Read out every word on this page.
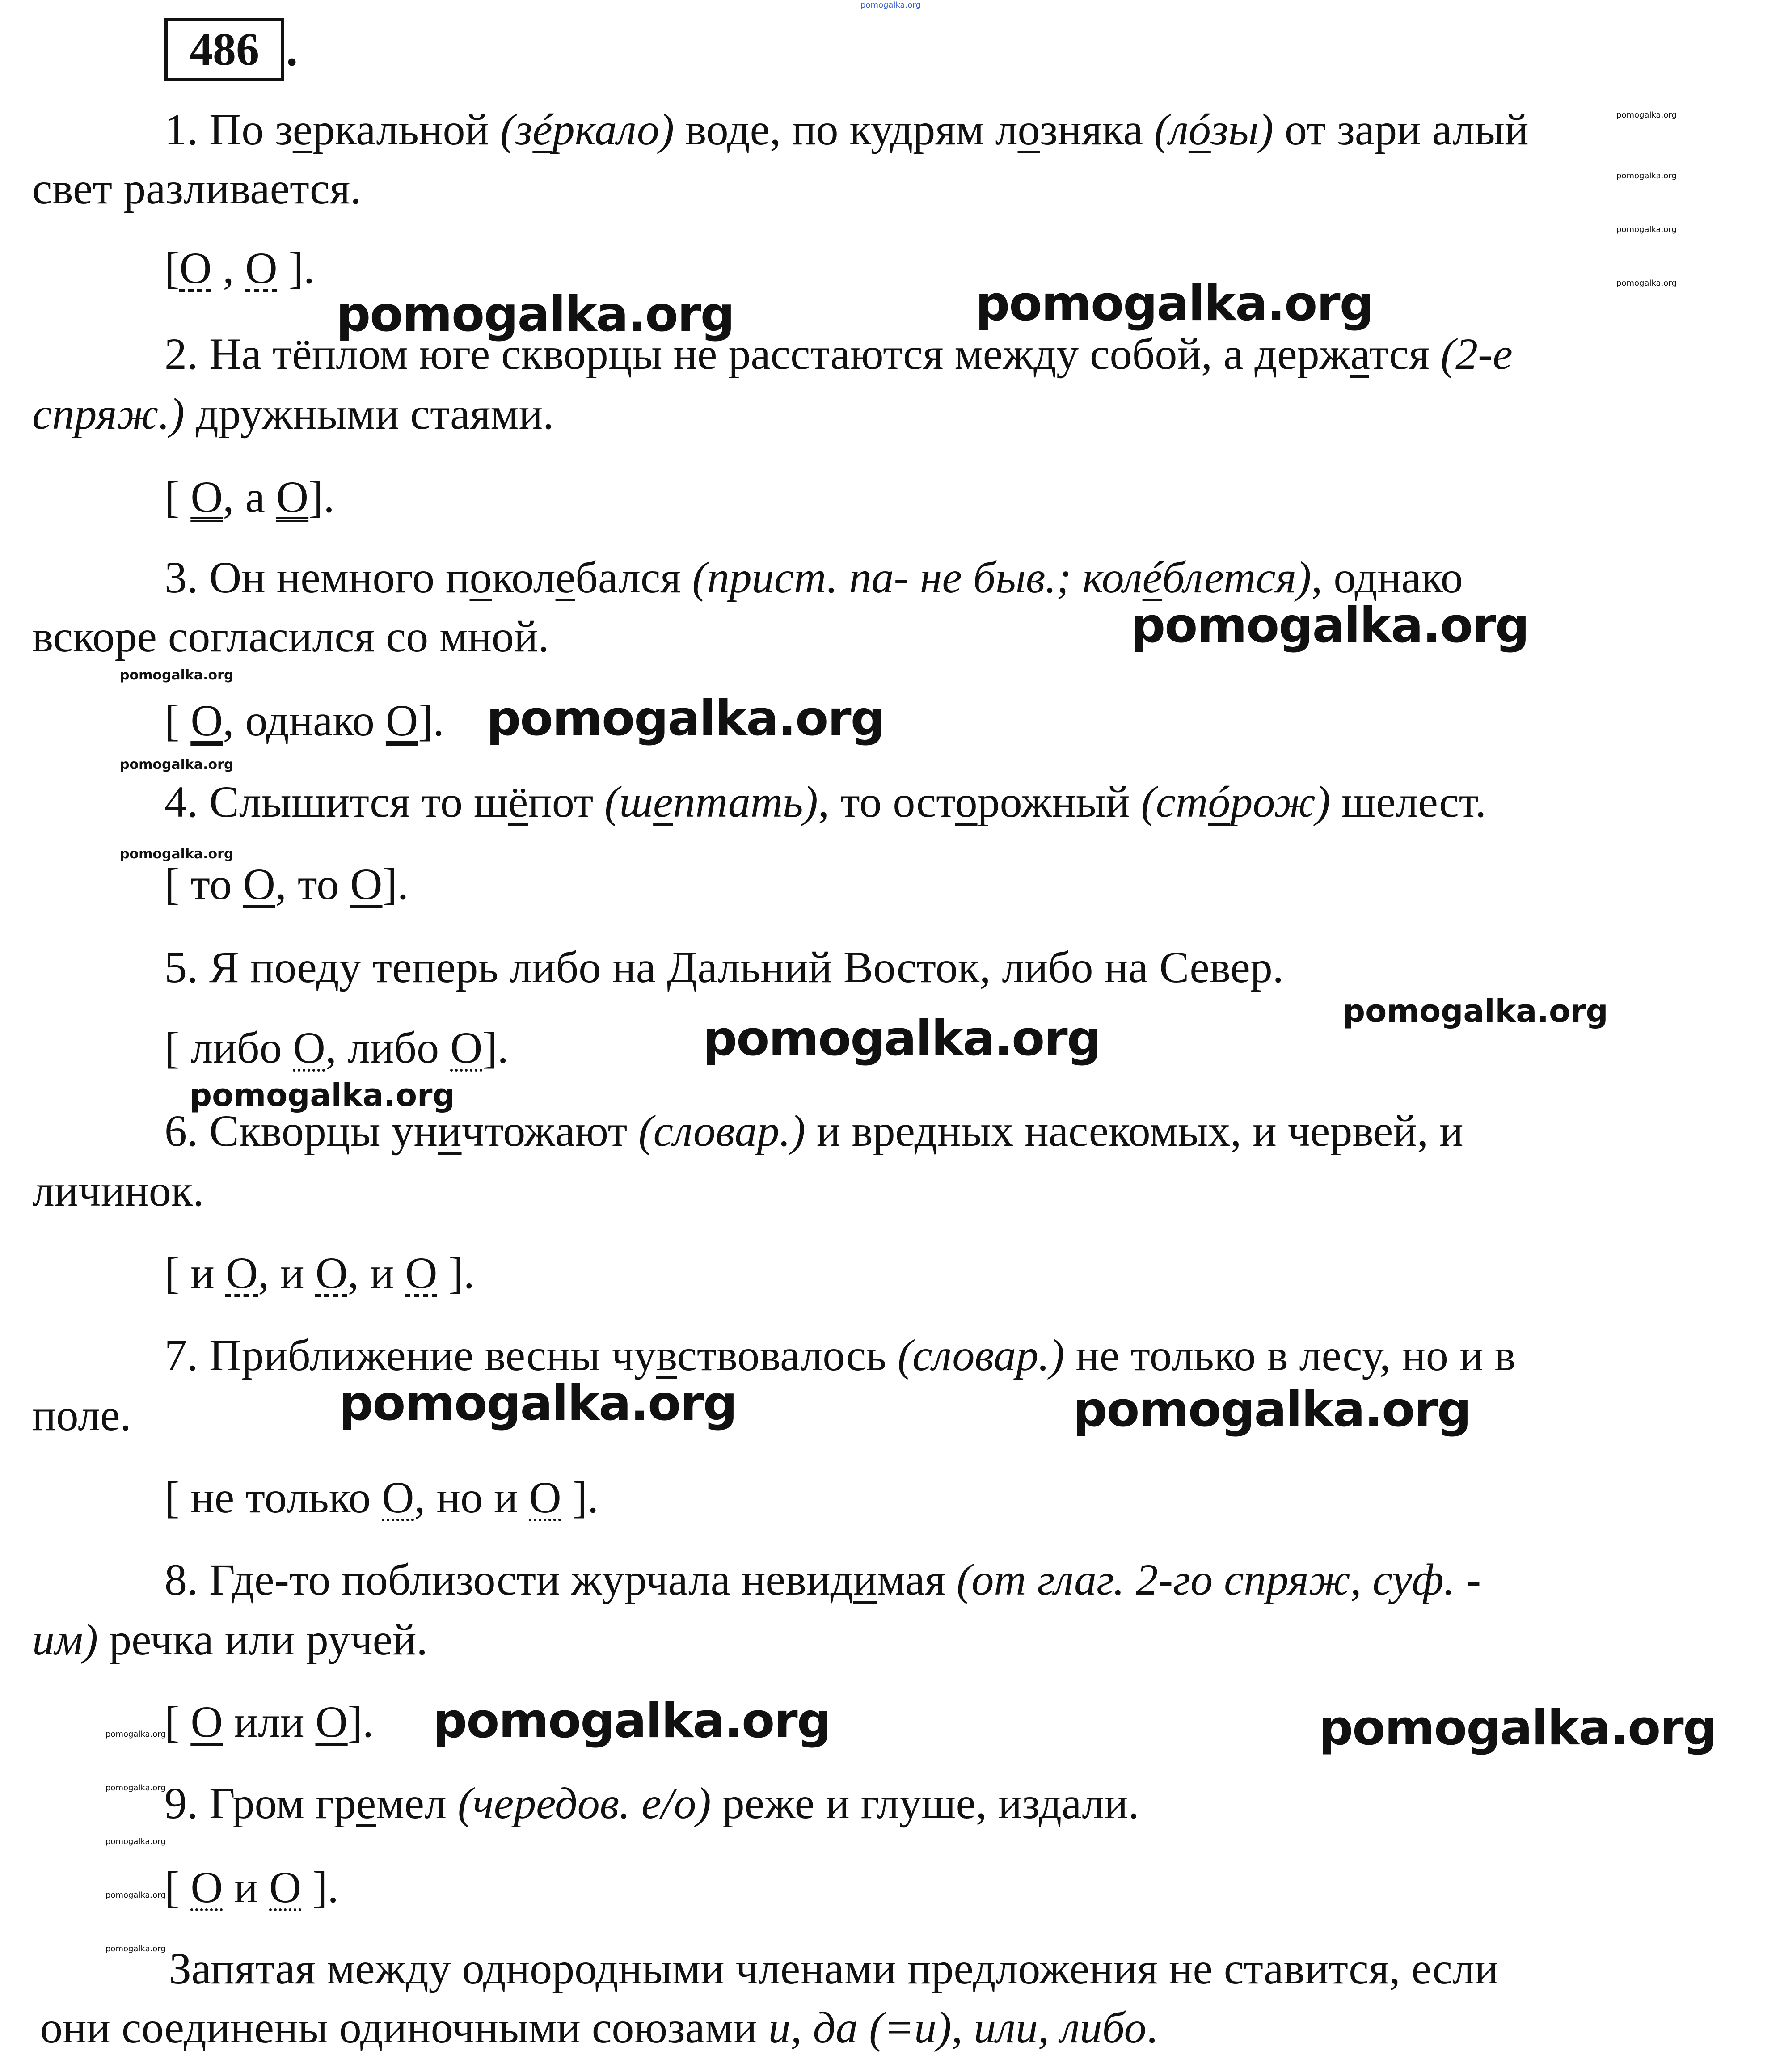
pomogalka.org
486 .
1. По зеркальной (зéркало) воде, по кудрям лозняка (лóзы) от зари алый
свет разливается.
[О , О ].
2. На тёплом юге скворцы не расстаются между собой, а держатся (2-е
спряж.) дружными стаями.
[ О, а О].
3. Он немного поколебался (прист. па- не быв.; колéблется), однако
вскоре согласился со мной.
[ О, однако О].
4. Слышится то шёпот (шептать), то осторожный (стóрож) шелест.
[ то О, то О].
5. Я поеду теперь либо на Дальний Восток, либо на Север.
[ либо О, либо О].
6. Скворцы уничтожают (словар.) и вредных насекомых, и червей, и
личинок.
[ и О, и О, и О ].
7. Приближение весны чувствовалось (словар.) не только в лесу, но и в
поле.
[ не только О, но и О ].
8. Где-то поблизости журчала невидимая (от глаг. 2-го спряж, суф. -
им) речка или ручей.
[ О или О].
9. Гром гремел (чередов. е/о) реже и глуше, издали.
[ О и О ].
Запятая между однородными членами предложения не ставится, если
они соединены одиночными союзами и, да (=и), или, либо.
pomogalka.org	pomogalka.org
pomogalka.org
pomogalka.org
pomogalka.org
pomogalka.org	pomogalka.org
pomogalka.org	pomogalka.org
pomogalka.org
pomogalka.org
pomogalka.org
pomogalka.org
pomogalka.org
pomogalka.org
pomogalka.org
pomogalka.org
pomogalka.org
pomogalka.org
pomogalka.org
pomogalka.org
pomogalka.org
pomogalka.org
